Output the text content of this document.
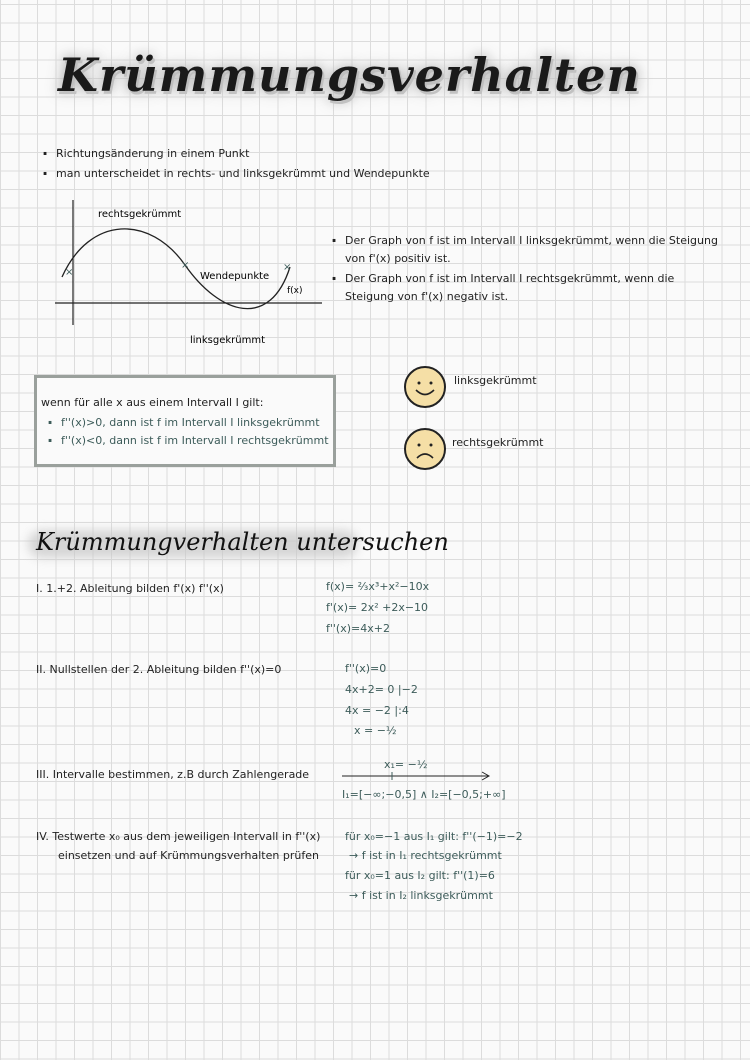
Krümmungsverhalten
· Richtungsänderung in einem Punkt
· man unterscheidet in rechts- und linksgekrümmt und Wendepunkte
×
×	×
rechtsgekrümmt
Wendepunkte
f(x)
linksgekrümmt
· Der Graph von f ist im Intervall I linksgekrümmt, wenn die Steigung
von f'(x) positiv ist.
· Der Graph von f ist im Intervall I rechtsgekrümmt, wenn die
Steigung von f'(x) negativ ist.
wenn für alle x aus einem Intervall I gilt:
· f''(x)>0, dann ist f im Intervall I linksgekrümmt
· f''(x)<0, dann ist f im Intervall I rechtsgekrümmt
linksgekrümmt
rechtsgekrümmt
Krümmungverhalten untersuchen
I. 1.+2. Ableitung bilden f'(x) f''(x)	f(x)= ⅔x³+x²−10x
f'(x)= 2x² +2x−10
f''(x)=4x+2
II. Nullstellen der 2. Ableitung bilden f''(x)=0	f''(x)=0
4x+2= 0 |−2
4x = −2 |:4
x = −½
III. Intervalle bestimmen, z.B durch Zahlengerade
x₁= −½
I₁=[−∞;−0,5] ∧ I₂=[−0,5;+∞]
IV. Testwerte x₀ aus dem jeweiligen Intervall in f''(x)
einsetzen und auf Krümmungsverhalten prüfen
für x₀=−1 aus I₁ gilt: f''(−1)=−2
→ f ist in I₁ rechtsgekrümmt
für x₀=1 aus I₂ gilt: f''(1)=6
→ f ist in I₂ linksgekrümmt
